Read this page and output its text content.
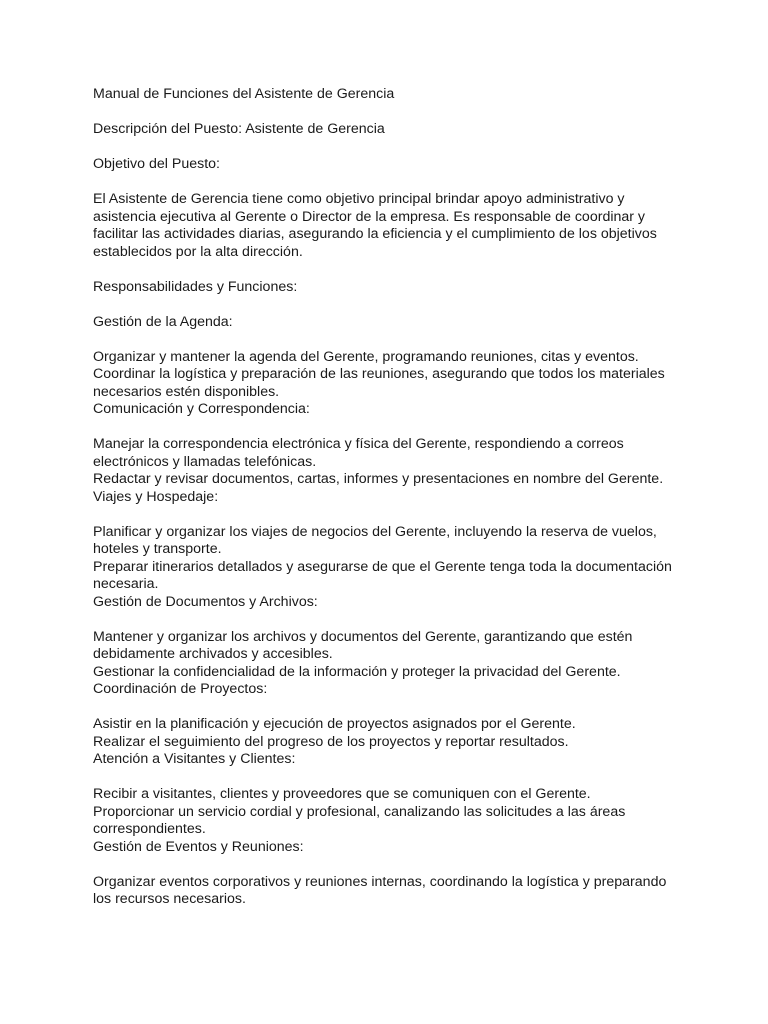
Manual de Funciones del Asistente de Gerencia
Descripción del Puesto: Asistente de Gerencia
Objetivo del Puesto:
El Asistente de Gerencia tiene como objetivo principal brindar apoyo administrativo y
asistencia ejecutiva al Gerente o Director de la empresa. Es responsable de coordinar y
facilitar las actividades diarias, asegurando la eficiencia y el cumplimiento de los objetivos
establecidos por la alta dirección.
Responsabilidades y Funciones:
Gestión de la Agenda:
Organizar y mantener la agenda del Gerente, programando reuniones, citas y eventos.
Coordinar la logística y preparación de las reuniones, asegurando que todos los materiales
necesarios estén disponibles.
Comunicación y Correspondencia:
Manejar la correspondencia electrónica y física del Gerente, respondiendo a correos
electrónicos y llamadas telefónicas.
Redactar y revisar documentos, cartas, informes y presentaciones en nombre del Gerente.
Viajes y Hospedaje:
Planificar y organizar los viajes de negocios del Gerente, incluyendo la reserva de vuelos,
hoteles y transporte.
Preparar itinerarios detallados y asegurarse de que el Gerente tenga toda la documentación
necesaria.
Gestión de Documentos y Archivos:
Mantener y organizar los archivos y documentos del Gerente, garantizando que estén
debidamente archivados y accesibles.
Gestionar la confidencialidad de la información y proteger la privacidad del Gerente.
Coordinación de Proyectos:
Asistir en la planificación y ejecución de proyectos asignados por el Gerente.
Realizar el seguimiento del progreso de los proyectos y reportar resultados.
Atención a Visitantes y Clientes:
Recibir a visitantes, clientes y proveedores que se comuniquen con el Gerente.
Proporcionar un servicio cordial y profesional, canalizando las solicitudes a las áreas
correspondientes.
Gestión de Eventos y Reuniones:
Organizar eventos corporativos y reuniones internas, coordinando la logística y preparando
los recursos necesarios.
